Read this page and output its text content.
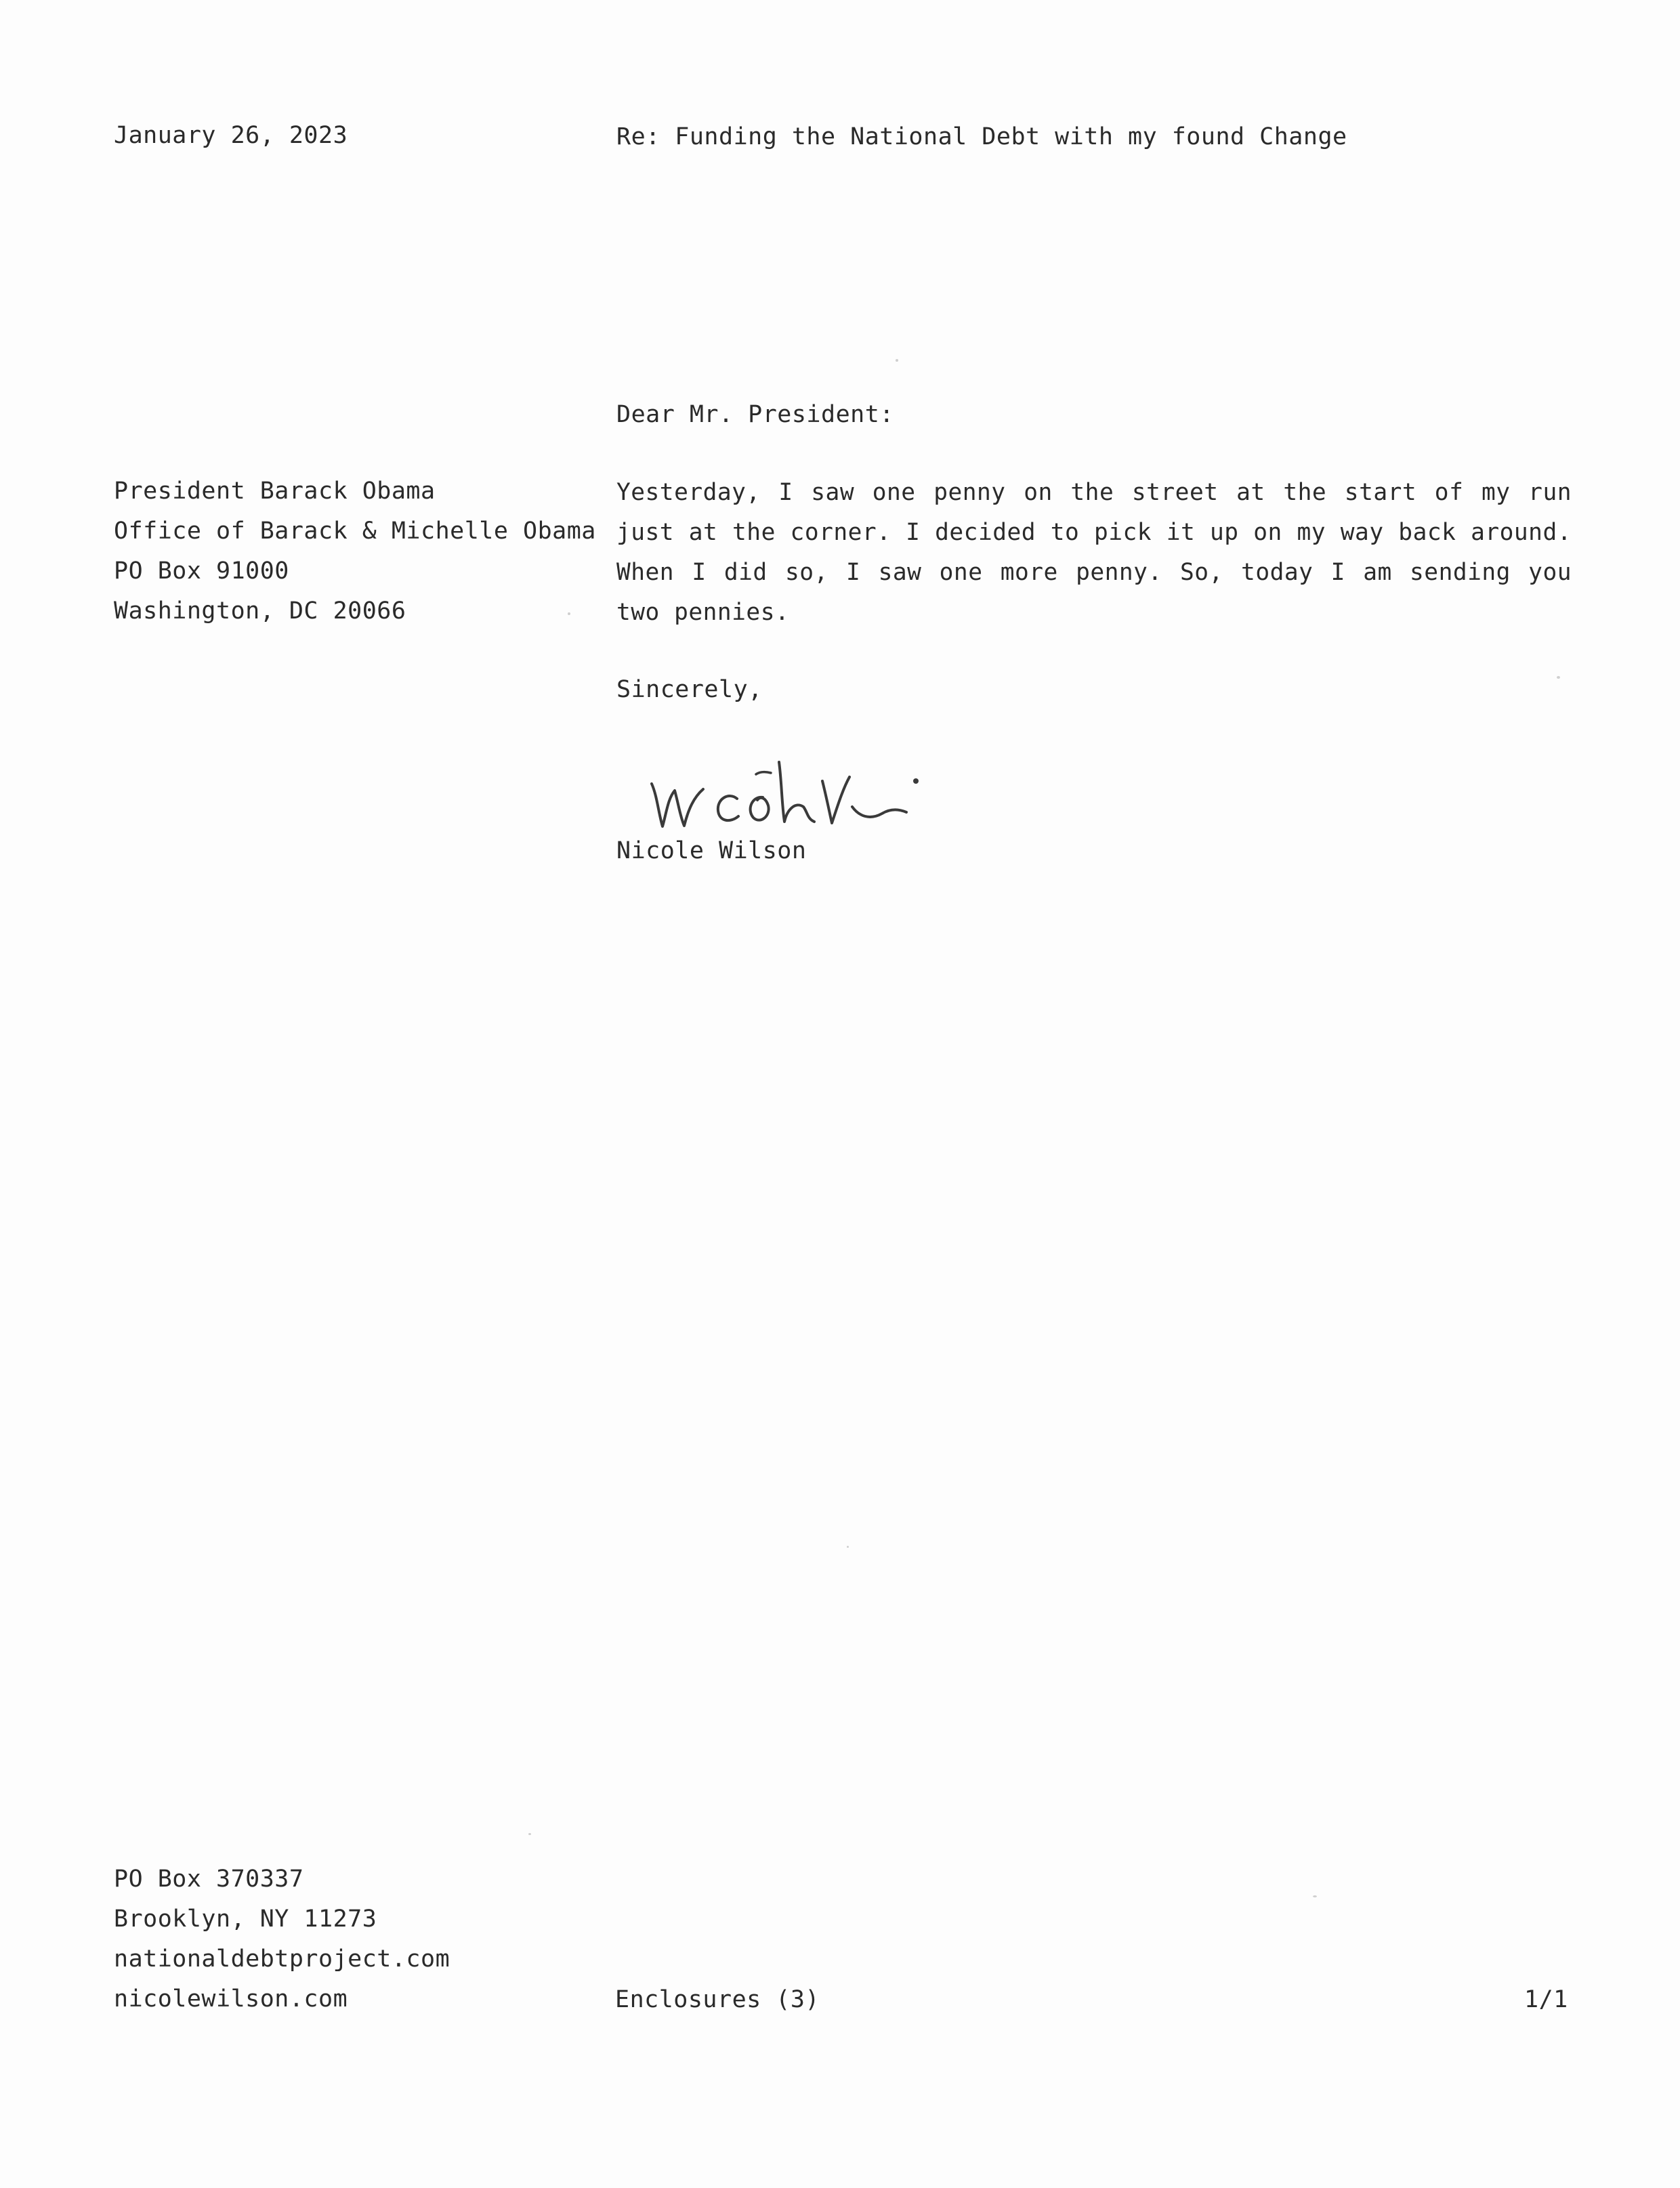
January 26, 2023	Re: Funding the National Debt with my found Change
Dear Mr. President:
President Barack Obama
Office of Barack & Michelle Obama
PO Box 91000
Washington, DC 20066
Yesterday, I saw one penny on the street at the start of my run just at the corner. I decided to pick it up on my way back around. When I did so, I saw one more penny. So, today I am sending you two pennies.
Sincerely,
Nicole Wilson
PO Box 370337
Brooklyn, NY 11273
nationaldebtproject.com
nicolewilson.com	Enclosures (3)	1/1
